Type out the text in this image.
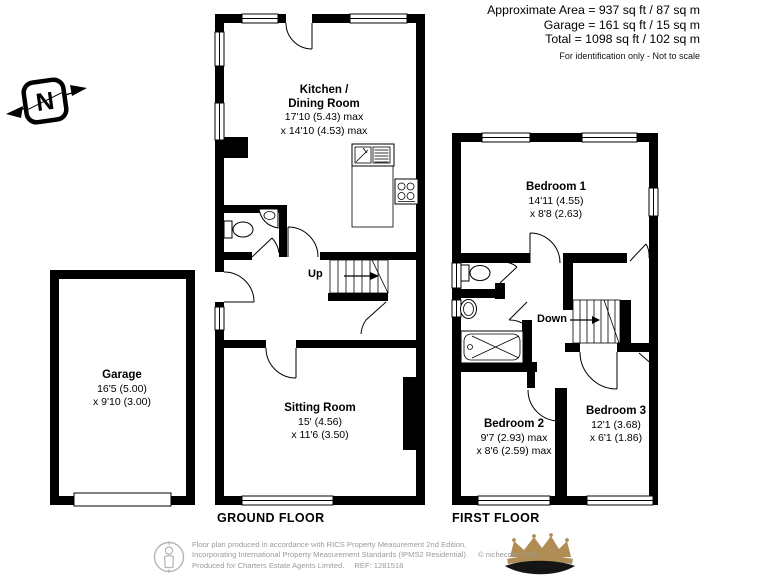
N
Approximate Area = 937 sq ft / 87 sq m
Garage = 161 sq ft / 15 sq m
Total = 1098 sq ft / 102 sq m
For identification only - Not to scale
Kitchen /
Dining Room
17'10 (5.43) max
x 14'10 (4.53) max
Sitting Room
15' (4.56)
x 11'6 (3.50)
Garage
16'5 (5.00)
x 9'10 (3.00)
Bedroom 1
14'11 (4.55)
x 8'8 (2.63)
Bedroom 2
9'7 (2.93) max
x 8'6 (2.59) max
Bedroom 3
12'1 (3.68)
x 6'1 (1.86)
Up
Down
GROUND FLOOR	FIRST FLOOR
Floor plan produced in accordance with RICS Property Measurement 2nd Edition,
Incorporating International Property Measurement Standards (IPMS2 Residential). © nichecom 2025.
Produced for Charters Estate Agents Limited. REF: 1281518
